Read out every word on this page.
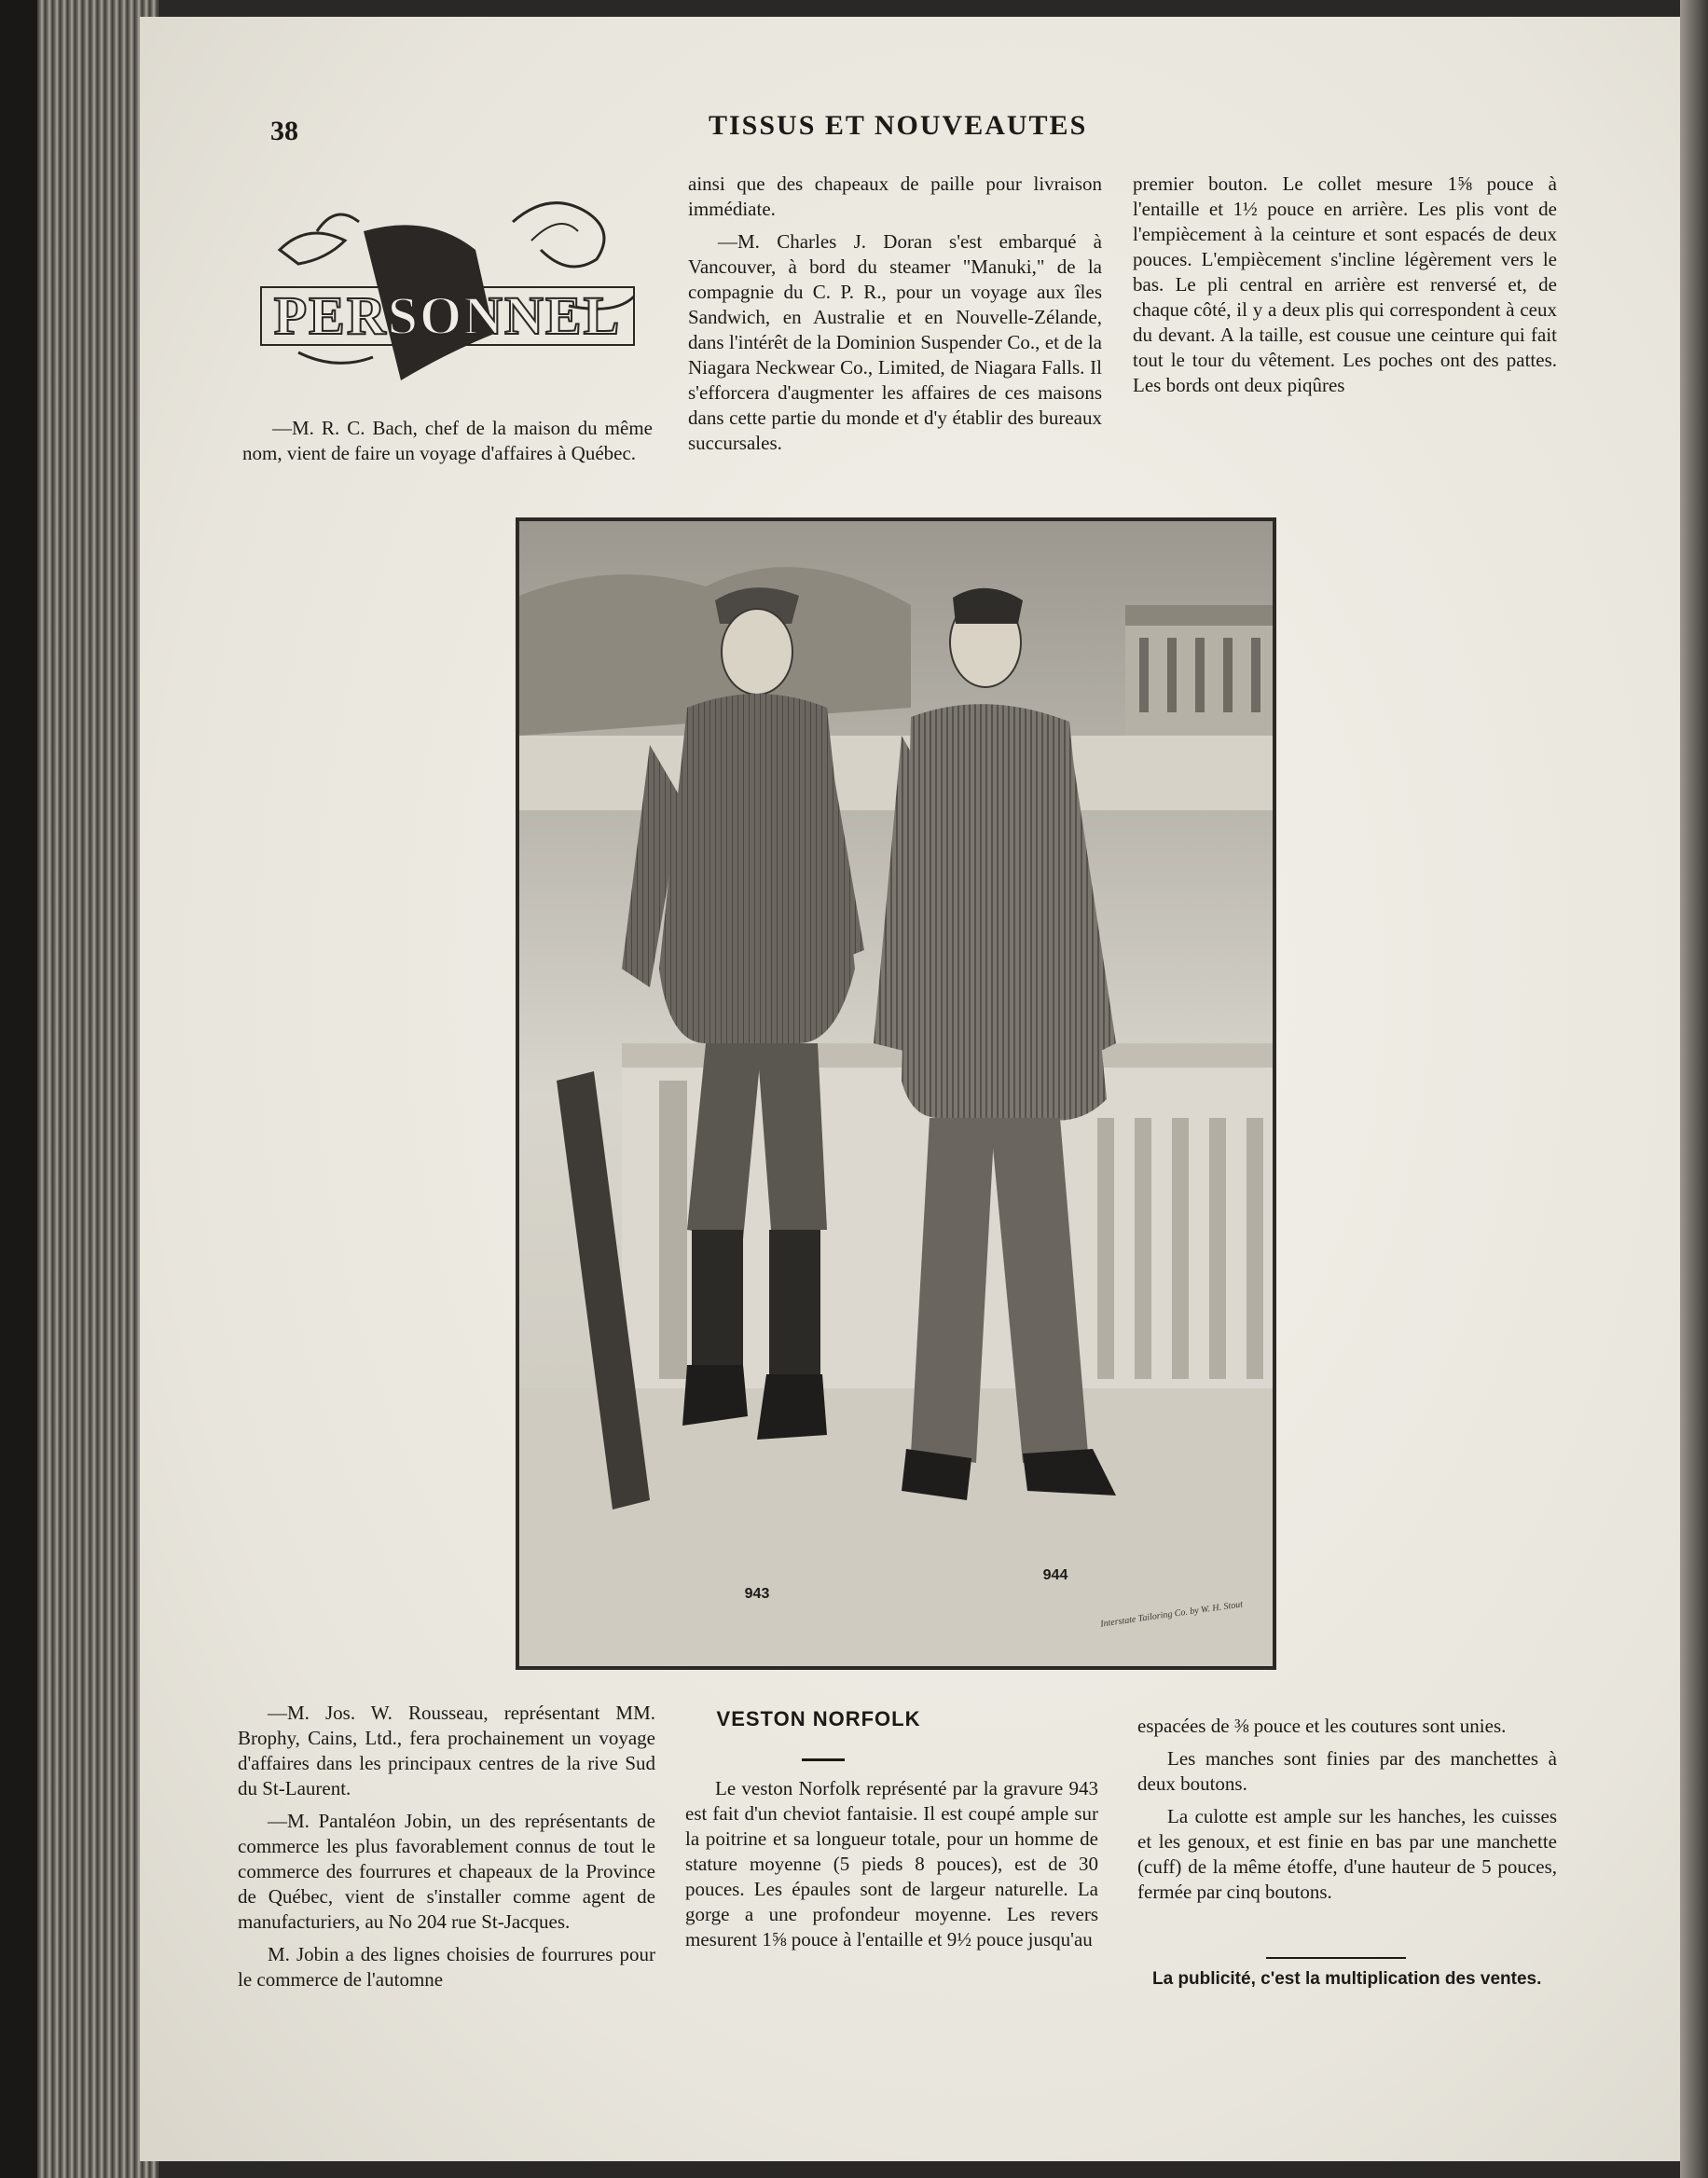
38	TISSUS ET NOUVEAUTES
PERSONNEL

—M. R. C. Bach, chef de la maison du même nom, vient de faire un voyage d'affaires à Québec.

ainsi que des chapeaux de paille pour livraison immédiate.

—M. Charles J. Doran s'est embarqué à Vancouver, à bord du steamer "Manuki," de la compagnie du C. P. R., pour un voyage aux îles Sandwich, en Australie et en Nouvelle-Zélande, dans l'intérêt de la Dominion Suspender Co., et de la Niagara Neckwear Co., Limited, de Niagara Falls. Il s'efforcera d'augmenter les affaires de ces maisons dans cette partie du monde et d'y établir des bureaux succursales.

premier bouton. Le collet mesure 1⅝ pouce à l'entaille et 1½ pouce en arrière. Les plis vont de l'empiècement à la ceinture et sont espacés de deux pouces. L'empiècement s'incline légèrement vers le bas. Le pli central en arrière est renversé et, de chaque côté, il y a deux plis qui correspondent à ceux du devant. A la taille, est cousue une ceinture qui fait tout le tour du vêtement. Les poches ont des pattes. Les bords ont deux piqûres

943
944
Interstate Tailoring Co. by W. H. Stout

—M. Jos. W. Rousseau, représentant MM. Brophy, Cains, Ltd., fera prochainement un voyage d'affaires dans les principaux centres de la rive Sud du St-Laurent.

—M. Pantaléon Jobin, un des représentants de commerce les plus favorablement connus de tout le commerce des fourrures et chapeaux de la Province de Québec, vient de s'installer comme agent de manufacturiers, au No 204 rue St-Jacques.

M. Jobin a des lignes choisies de fourrures pour le commerce de l'automne

VESTON NORFOLK

Le veston Norfolk représenté par la gravure 943 est fait d'un cheviot fantaisie. Il est coupé ample sur la poitrine et sa longueur totale, pour un homme de stature moyenne (5 pieds 8 pouces), est de 30 pouces. Les épaules sont de largeur naturelle. La gorge a une profondeur moyenne. Les revers mesurent 1⅝ pouce à l'entaille et 9½ pouce jusqu'au

espacées de ⅜ pouce et les coutures sont unies.

Les manches sont finies par des manchettes à deux boutons.

La culotte est ample sur les hanches, les cuisses et les genoux, et est finie en bas par une manchette (cuff) de la même étoffe, d'une hauteur de 5 pouces, fermée par cinq boutons.

La publicité, c'est la multiplication des ventes.
